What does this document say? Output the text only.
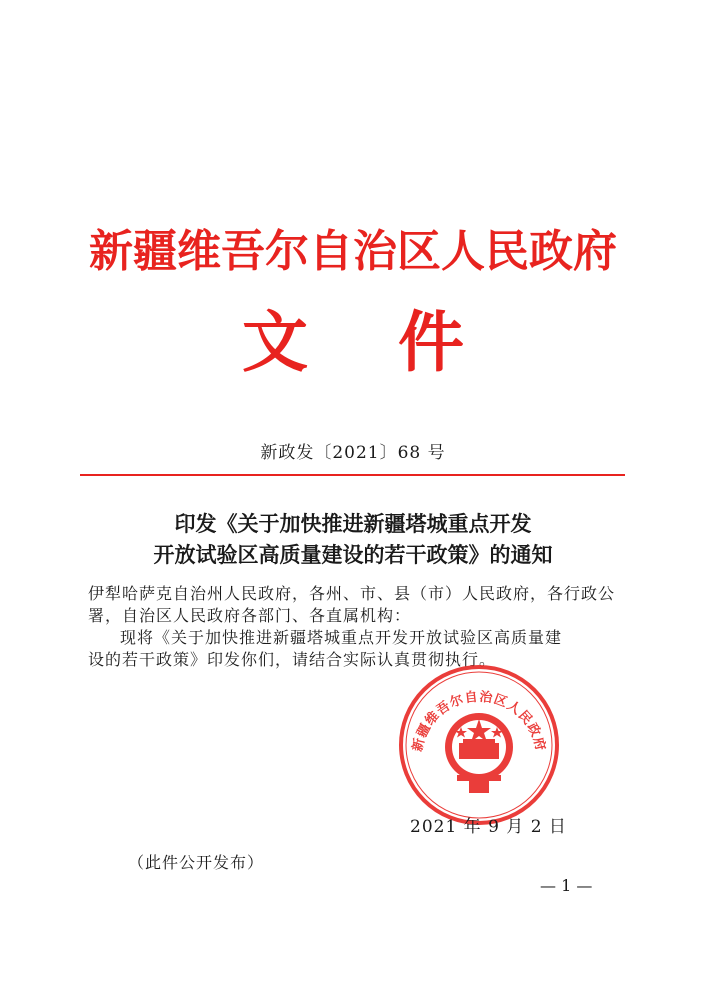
新疆维吾尔自治区人民政府
文 件
新政发〔2021〕68 号
印发《关于加快推进新疆塔城重点开发
开放试验区高质量建设的若干政策》的通知
伊犁哈萨克自治州人民政府，各州、市、县（市）人民政府，各行政公
署，自治区人民政府各部门、各直属机构：
现将《关于加快推进新疆塔城重点开发开放试验区高质量建
设的若干政策》印发你们，请结合实际认真贯彻执行。
新疆维吾尔自治区人民政府
2021 年 9 月 2 日
（此件公开发布）
— 1 —
